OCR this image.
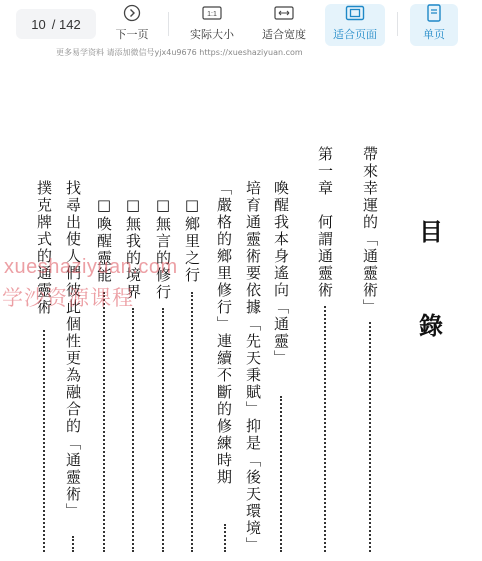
10 / 142
下一页
1:1
实际大小	适合宽度 适合页面	单页
更多易学资料 请添加微信号yjx4u9676 https://xueshaziyuan.com
目
錄
帶來幸運的「通靈術」
第一章　何謂通靈術
喚醒我本身遙向「通靈」
培育通靈術要依據「先天秉賦」抑是「後天環境」
「嚴格的鄉里修行」連續不斷的修練時期
□鄉里之行
□無言的修行
□無我的境界
□喚醒靈能
找尋出使人們彼此個性更為融合的「通靈術」
撲克牌式的通靈術
xueshaziyuan.com
学沙资源课程
